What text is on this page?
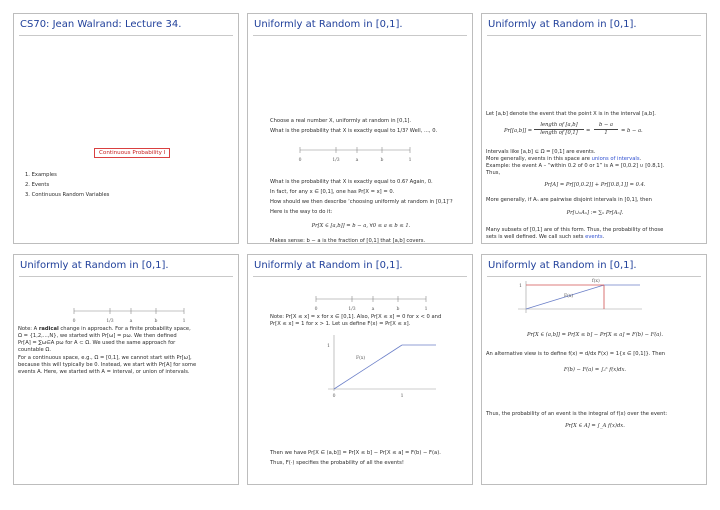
CS70: Jean Walrand: Lecture 34.
Continuous Probability I
1. Examples
2. Events
3. Continuous Random Variables
Uniformly at Random in [0,1].
Choose a real number X, uniformly at random in [0,1].
What is the probability that X is exactly equal to 1/3? Well, ..., 0.
0	1/3	a	b	1
What is the probability that X is exactly equal to 0.6? Again, 0.
In fact, for any x ∈ [0,1], one has Pr[X = x] = 0.
How should we then describe ‘choosing uniformly at random in [0,1]’?
Here is the way to do it:
Pr[X ∈ [a,b]] = b − a, ∀0 ≤ a ≤ b ≤ 1.
Makes sense: b − a is the fraction of [0,1] that [a,b] covers.
Uniformly at Random in [0,1].
Let [a,b] denote the event that the point X is in the interval [a,b].
Pr[[a,b]] =
length of [a,b]
length of [0,1]	=
b − a
1	= b − a.
Intervals like [a,b] ⊆ Ω = [0,1] are events.
More generally, events in this space are unions of intervals.
Example: the event A – “within 0.2 of 0 or 1” is A = [0,0.2] ∪ [0.8,1].
Thus,
Pr[A] = Pr[[0,0.2]] + Pr[[0.8,1]] = 0.4.
More generally, if Aₙ are pairwise disjoint intervals in [0,1], then
Pr[∪ₙAₙ] := ∑ₙ Pr[Aₙ].
Many subsets of [0,1] are of this form. Thus, the probability of those
sets is well defined. We call such sets events.
Uniformly at Random in [0,1].
0	1/3	a	b	1
Note: A radical change in approach. For a finite probability space,
Ω = {1,2,...,N}, we started with Pr[ω] = pω. We then defined
Pr[A] = ∑ω∈A pω for A ⊂ Ω. We used the same approach for
countable Ω.
For a continuous space, e.g., Ω = [0,1], we cannot start with Pr[ω],
because this will typically be 0. Instead, we start with Pr[A] for some
events A. Here, we started with A = interval, or union of intervals.
Uniformly at Random in [0,1].
0	1/3	a	b	1
Note: Pr[X ≤ x] = x for x ∈ [0,1]. Also, Pr[X ≤ x] = 0 for x < 0 and
Pr[X ≤ x] = 1 for x > 1. Let us define F(x) = Pr[X ≤ x].
1
F(x)
0	1
Then we have Pr[X ∈ (a,b]] = Pr[X ≤ b] − Pr[X ≤ a] = F(b) − F(a).
Thus, F(·) specifies the probability of all the events!
Uniformly at Random in [0,1].
1
f(x)
F(x)
Pr[X ∈ (a,b]] = Pr[X ≤ b] − Pr[X ≤ a] = F(b) − F(a).
An alternative view is to define f(x) = d/dx F(x) = 1{x ∈ [0,1]}. Then
F(b) − F(a) = ∫ₐᵇ f(x)dx.
Thus, the probability of an event is the integral of f(x) over the event:
Pr[X ∈ A] = ∫_A f(x)dx.
